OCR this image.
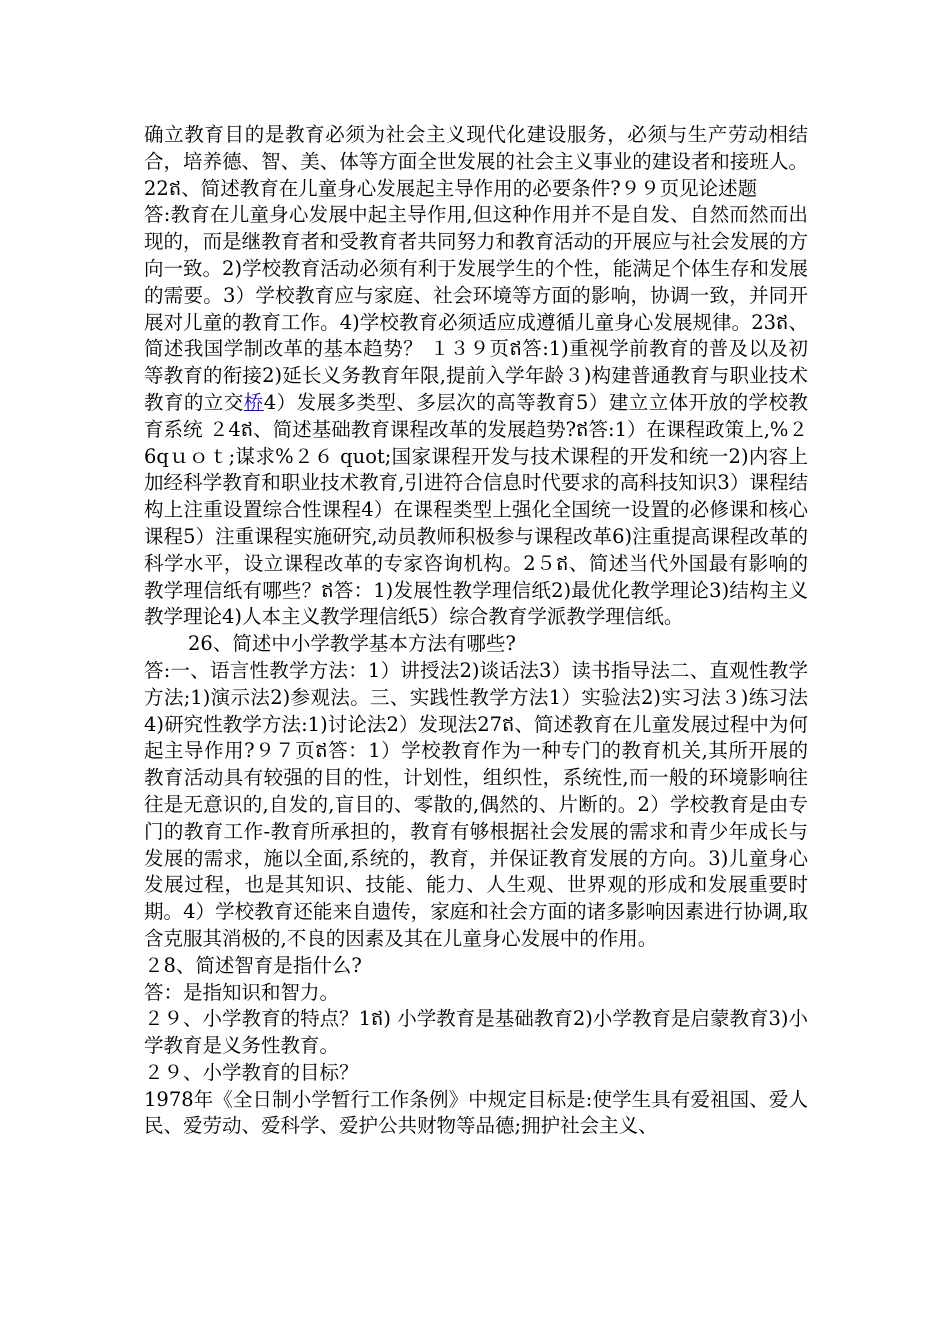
确立教育目的是教育必须为社会主义现代化建设服务，必须与生产劳动相结合，培养德、智、美、体等方面全世发展的社会主义事业的建设者和接班人。22ឥ、简述教育在儿童身心发展起主导作用的必要条件?９９页见论述题

答:教育在儿童身心发展中起主导作用,但这种作用并不是自发、自然而然而出现的，而是继教育者和受教育者共同努力和教育活动的开展应与社会发展的方向一致。2)学校教育活动必须有利于发展学生的个性，能满足个体生存和发展的需要。3）学校教育应与家庭、社会环境等方面的影响，协调一致，并同开展对儿童的教育工作。4)学校教育必须适应成遵循儿童身心发展规律。23ឥ、简述我国学制改革的基本趋势？ １３９页ឥ答:1)重视学前教育的普及以及初等教育的衔接2)延长义务教育年限,提前入学年龄３)构建普通教育与职业技术教育的立交桥4）发展多类型、多层次的高等教育5）建立立体开放的学校教育系统 ２4ឥ、简述基础教育课程改革的发展趋势?ឥ答:1）在课程政策上,%２6qｕｏｔ;谋求%２６ quot;国家课程开发与技术课程的开发和统一2)内容上加经科学教育和职业技术教育,引进符合信息时代要求的高科技知识3）课程结构上注重设置综合性课程4）在课程类型上强化全国统一设置的必修课和核心课程5）注重课程实施研究,动员教师积极参与课程改革6)注重提高课程改革的科学水平，设立课程改革的专家咨询机构。2５ឥ、简述当代外国最有影响的教学理信纸有哪些？ឥ答：1)发展性教学理信纸2)最优化教学理论3)结构主义教学理论4)人本主义教学理信纸5）综合教育学派教学理信纸。

26、简述中小学教学基本方法有哪些?

答:一、语言性教学方法：1）讲授法2)谈话法3）读书指导法二、直观性教学方法;1)演示法2)参观法。三、实践性教学方法1）实验法2)实习法３)练习法4)研究性教学方法:1)讨论法2）发现法27ឥ、简述教育在儿童发展过程中为何起主导作用?９７页ឥ答：1）学校教育作为一种专门的教育机关,其所开展的教育活动具有较强的目的性，计划性，组织性，系统性,而一般的环境影响往往是无意识的,自发的,盲目的、零散的,偶然的、片断的。2）学校教育是由专门的教育工作-教育所承担的，教育有够根据社会发展的需求和青少年成长与发展的需求，施以全面,系统的，教育，并保证教育发展的方向。3)儿童身心发展过程，也是其知识、技能、能力、人生观、世界观的形成和发展重要时期。4）学校教育还能来自遗传，家庭和社会方面的诸多影响因素进行协调,取含克服其消极的,不良的因素及其在儿童身心发展中的作用。

２8、简述智育是指什么?

答：是指知识和智力。

２９、小学教育的特点？1ឥ) 小学教育是基础教育2)小学教育是启蒙教育3)小学教育是义务性教育。

２９、小学教育的目标？

1978年《全日制小学暂行工作条例》中规定目标是:使学生具有爱祖国、爱人民、爱劳动、爱科学、爱护公共财物等品德;拥护社会主义、
